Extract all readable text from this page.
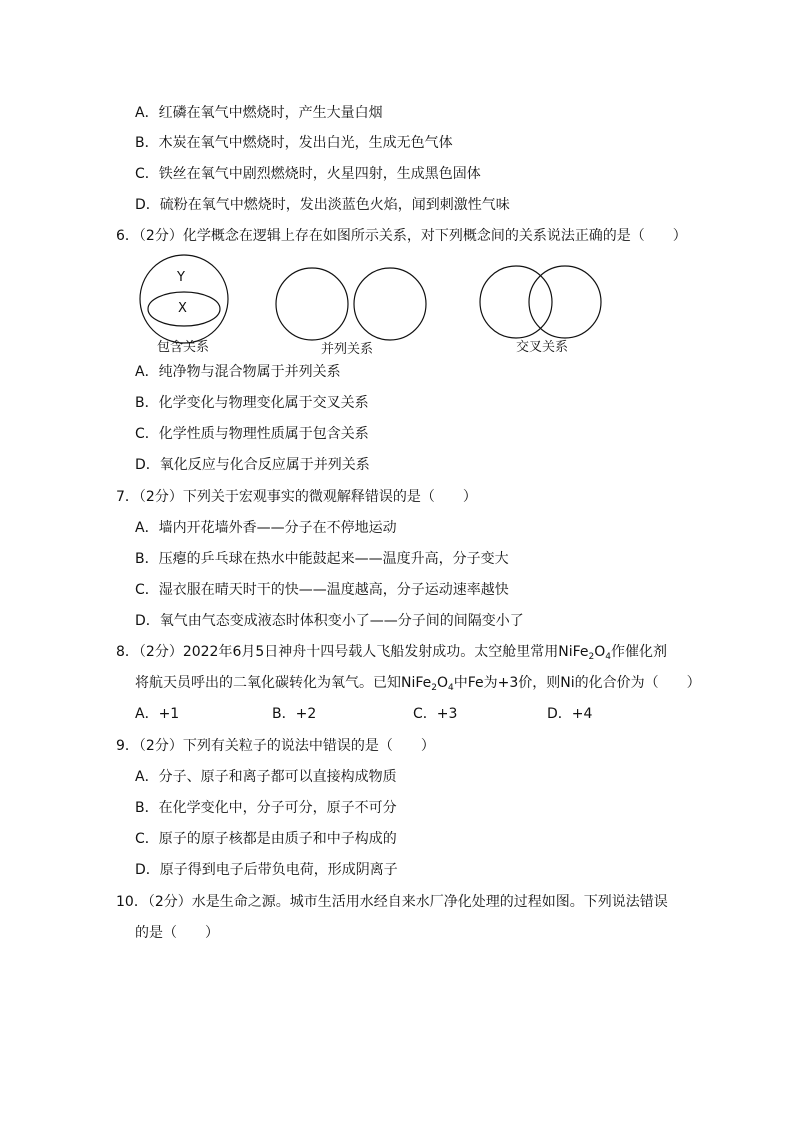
A．红磷在氧气中燃烧时，产生大量白烟
B．木炭在氧气中燃烧时，发出白光，生成无色气体
C．铁丝在氧气中剧烈燃烧时，火星四射，生成黑色固体
D．硫粉在氧气中燃烧时，发出淡蓝色火焰，闻到刺激性气味
6．（2分）化学概念在逻辑上存在如图所示关系，对下列概念间的关系说法正确的是（　　）
Y
X
包含关系	并列关系	交叉关系
A．纯净物与混合物属于并列关系
B．化学变化与物理变化属于交叉关系
C．化学性质与物理性质属于包含关系
D．氧化反应与化合反应属于并列关系
7．（2分）下列关于宏观事实的微观解释错误的是（　　）
A．墙内开花墙外香——分子在不停地运动
B．压瘪的乒乓球在热水中能鼓起来——温度升高，分子变大
C．湿衣服在晴天时干的快——温度越高，分子运动速率越快
D．氧气由气态变成液态时体积变小了——分子间的间隔变小了
8．（2分）2022年6月5日神舟十四号载人飞船发射成功。太空舱里常用$NiFe_2O_4$作催化剂
将航天员呼出的二氧化碳转化为氧气。已知$NiFe_2O_4$中Fe为+3价，则Ni的化合价为（　　）
A．+1	B．+2	C．+3	D．+4
9．（2分）下列有关粒子的说法中错误的是（　　）
A．分子、原子和离子都可以直接构成物质
B．在化学变化中，分子可分，原子不可分
C．原子的原子核都是由质子和中子构成的
D．原子得到电子后带负电荷，形成阴离子
10．（2分）水是生命之源。城市生活用水经自来水厂净化处理的过程如图。下列说法错误
的是（　　）
